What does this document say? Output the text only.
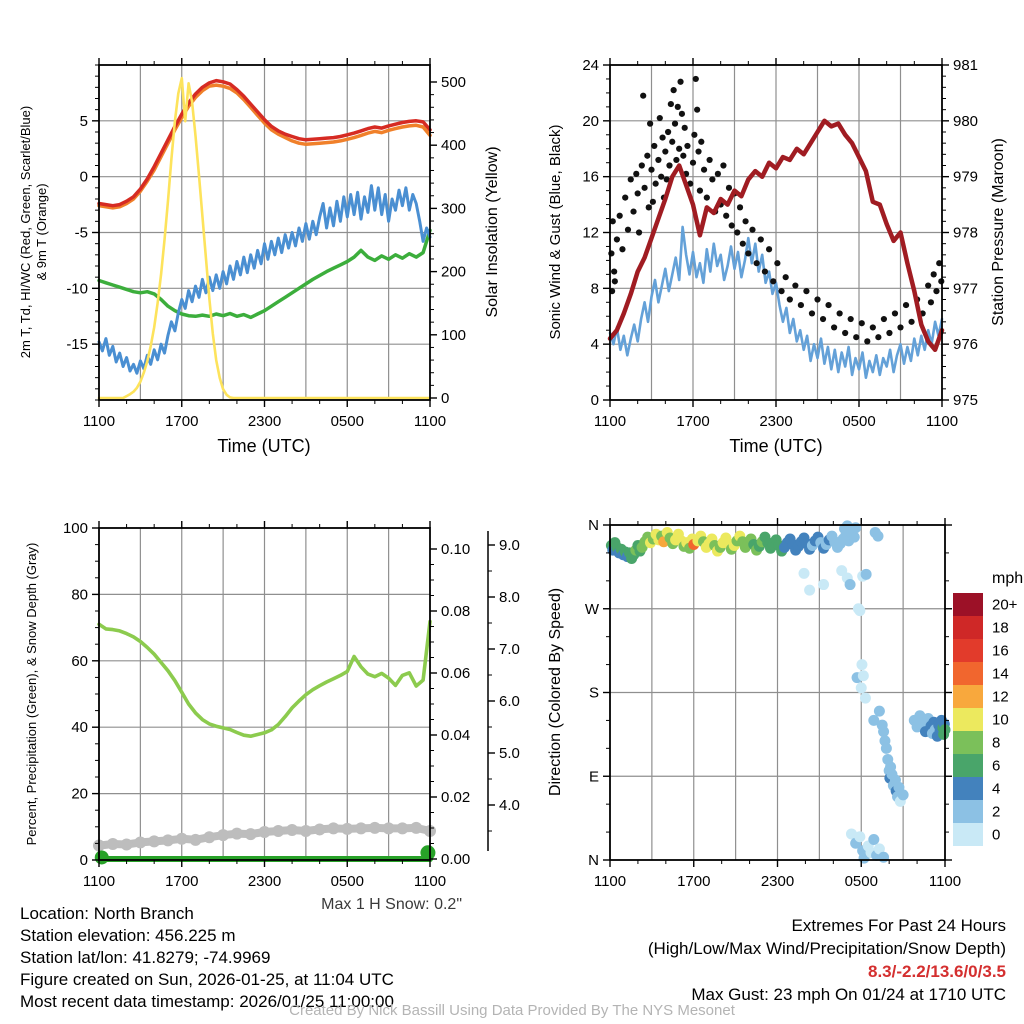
1100	1700	2300	0500	1100
-15
-10
-5
0
5
0
100
200
300
400
500
2m T, Td, HI/WC (Red, Green, Scarlet/Blue) & 9m T (Orange)	Solar Insolation (Yellow)
Time (UTC)
1100	1700	2300	0500	1100
0
4
8
12
16
20
24
975
976
977
978
979
980
981
Sonic Wind & Gust (Blue, Black)	Station Pressure (Maroon)
Time (UTC)
1100	1700	2300	0500	1100
0
20
40
60
80
100
0.00
0.02
0.04
0.06
0.08
0.10
4.0
5.0
6.0
7.0
8.0
9.0
Percent, Precipitation (Green), & Snow Depth (Gray)
1100	1700	2300	0500	1100
N
E
S
W
N
Direction (Colored By Speed)	20+
18
16
14
12
10
8
6
4
2
0
mph
Max 1 H Snow: 0.2"
Location: North Branch
Station elevation: 456.225 m
Station lat/lon: 41.8279; -74.9969
Figure created on Sun, 2026-01-25, at 11:04 UTC
Most recent data timestamp: 2026/01/25 11:00:00
Extremes For Past 24 Hours
(High/Low/Max Wind/Precipitation/Snow Depth)
8.3/-2.2/13.6/0/3.5
Max Gust: 23 mph On 01/24 at 1710 UTC
Created By Nick Bassill Using Data Provided By The NYS Mesonet
